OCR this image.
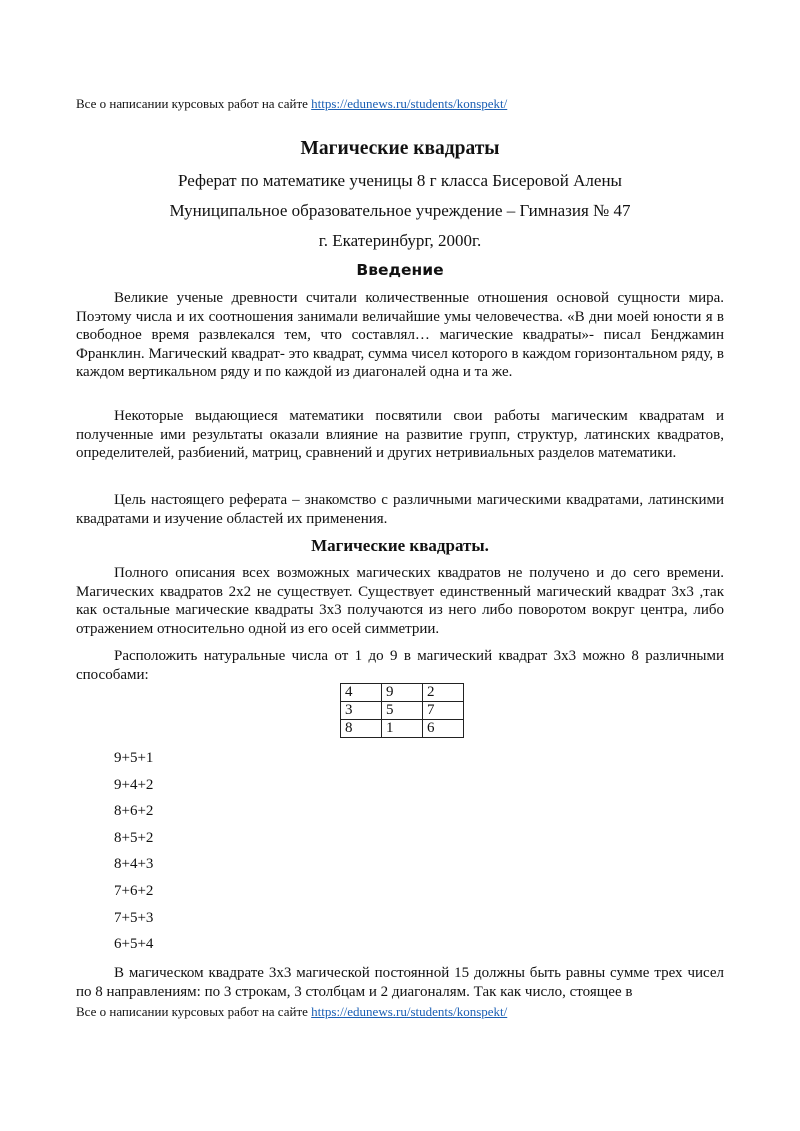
Все о написании курсовых работ на сайте https://edunews.ru/students/konspekt/
Магические квадраты
Реферат по математике ученицы 8 г класса Бисеровой Алены
Муниципальное образовательное учреждение – Гимназия № 47
г. Екатеринбург, 2000г.
Введение

Великие ученые древности считали количественные отношения основой сущности мира. Поэтому числа и их соотношения занимали величайшие умы человечества. «В дни моей юности я в свободное время развлекался тем, что составлял… магические квадраты»- писал Бенджамин Франклин. Магический квадрат- это квадрат, сумма чисел которого в каждом горизонтальном ряду, в каждом вертикальном ряду и по каждой из диагоналей одна и та же.

Некоторые выдающиеся математики посвятили свои работы магическим квадратам и полученные ими результаты оказали влияние на развитие групп, структур, латинских квадратов, определителей, разбиений, матриц, сравнений и других нетривиальных разделов математики.

Цель настоящего реферата – знакомство с различными магическими квадратами, латинскими квадратами и изучение областей их применения.

Магические квадраты.

Полного описания всех возможных магических квадратов не получено и до сего времени. Магических квадратов 2х2 не существует. Существует единственный магический квадрат 3х3 ,так как остальные магические квадраты 3х3 получаются из него либо поворотом вокруг центра, либо отражением относительно одной из его осей симметрии.

Расположить натуральные числа от 1 до 9 в магический квадрат 3х3 можно 8 различными способами:

4	9	2
3	5	7
8	1	6
9+5+1
9+4+2
8+6+2
8+5+2
8+4+3
7+6+2
7+5+3
6+5+4

В магическом квадрате 3х3 магической постоянной 15 должны быть равны сумме трех чисел по 8 направлениям: по 3 строкам, 3 столбцам и 2 диагоналям. Так как число, стоящее в

Все о написании курсовых работ на сайте https://edunews.ru/students/konspekt/
